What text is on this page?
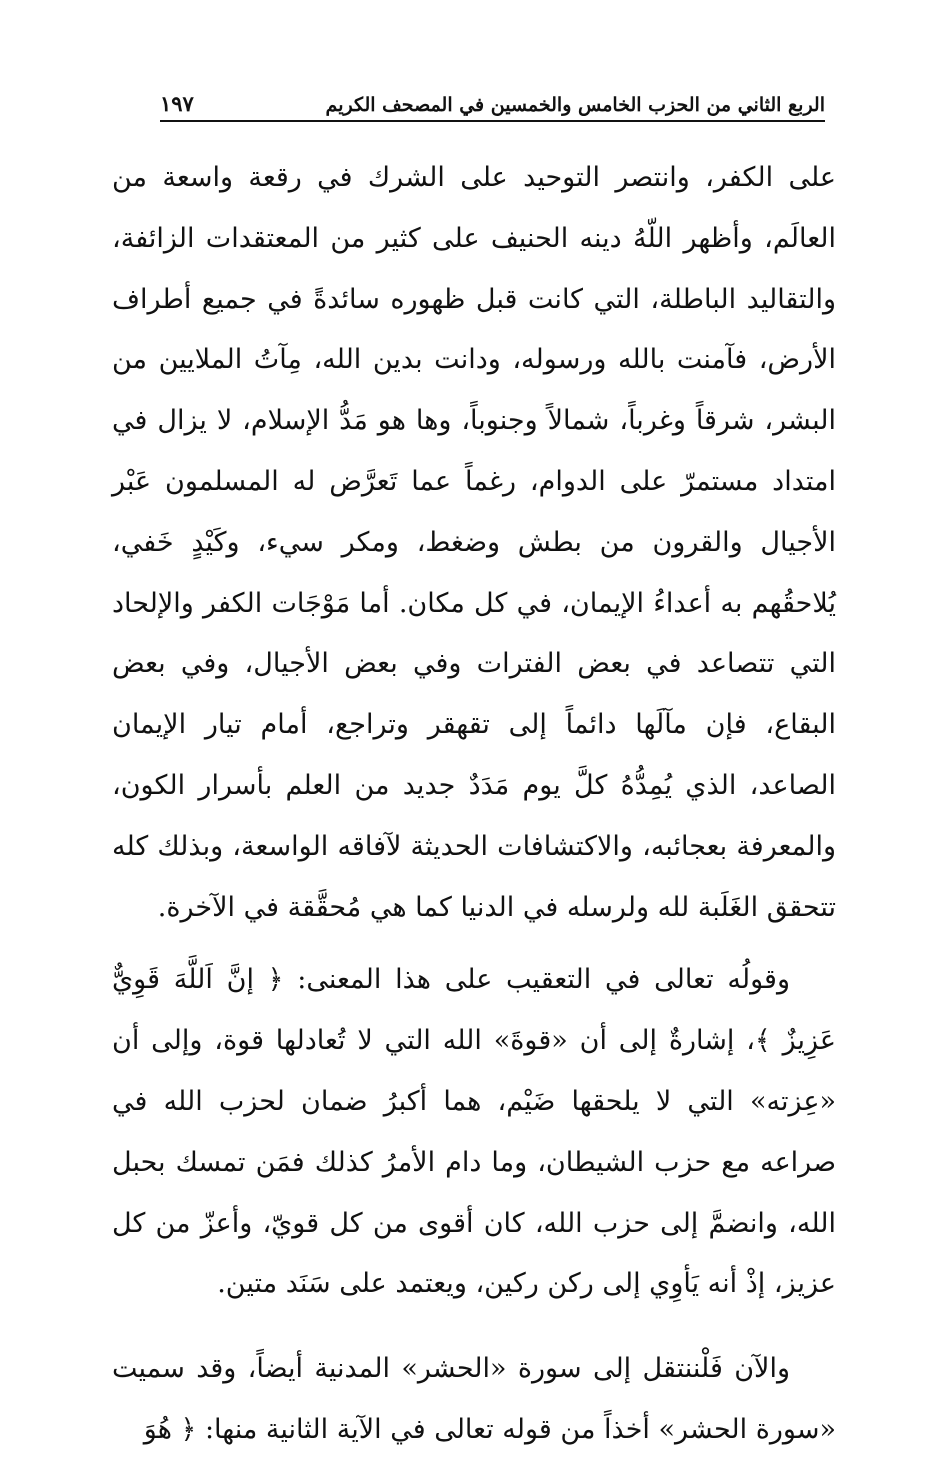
الربع الثاني من الحزب الخامس والخمسين في المصحف الكريم
١٩٧

على الكفر، وانتصر التوحيد على الشرك في رقعة واسعة من العالَم، وأظهر اللّهُ دينه الحنيف على كثير من المعتقدات الزائفة، والتقاليد الباطلة، التي كانت قبل ظهوره سائدةً في جميع أطراف الأرض، فآمنت بالله ورسوله، ودانت بدين الله، مِآتُ الملايين من البشر، شرقاً وغرباً، شمالاً وجنوباً، وها هو مَدُّ الإسلام، لا يزال في امتداد مستمرّ على الدوام، رغماً عما تَعرَّض له المسلمون عَبْر الأجيال والقرون من بطش وضغط، ومكر سيء، وكَيْدٍ خَفي، يُلاحقُهم به أعداءُ الإيمان، في كل مكان. أما مَوْجَات الكفر والإلحاد التي تتصاعد في بعض الفترات وفي بعض الأجيال، وفي بعض البقاع، فإن مآلَها دائماً إلى تقهقر وتراجع، أمام تيار الإيمان الصاعد، الذي يُمِدُّهُ كلَّ يوم مَدَدٌ جديد من العلم بأسرار الكون، والمعرفة بعجائبه، والاكتشافات الحديثة لآفاقه الواسعة، وبذلك كله تتحقق الغَلَبة لله ولرسله في الدنيا كما هي مُحقَّقة في الآخرة.

وقولُه تعالى في التعقيب على هذا المعنى: ﴿ إنَّ اَللَّهَ قَوِيٌّ عَزِيزٌ ﴾، إشارةٌ إلى أن «قوةَ» الله التي لا تُعادلها قوة، وإلى أن «عِزته» التي لا يلحقها ضَيْم، هما أكبرُ ضمان لحزب الله في صراعه مع حزب الشيطان، وما دام الأمرُ كذلك فمَن تمسك بحبل الله، وانضمَّ إلى حزب الله، كان أقوى من كل قويّ، وأعزّ من كل عزيز، إذْ أنه يَأوِي إلى ركن ركين، ويعتمد على سَنَد متين.

والآن فَلْننتقل إلى سورة «الحشر» المدنية أيضاً، وقد سميت «سورة الحشر» أخذاً من قوله تعالى في الآية الثانية منها: ﴿ هُوَ
